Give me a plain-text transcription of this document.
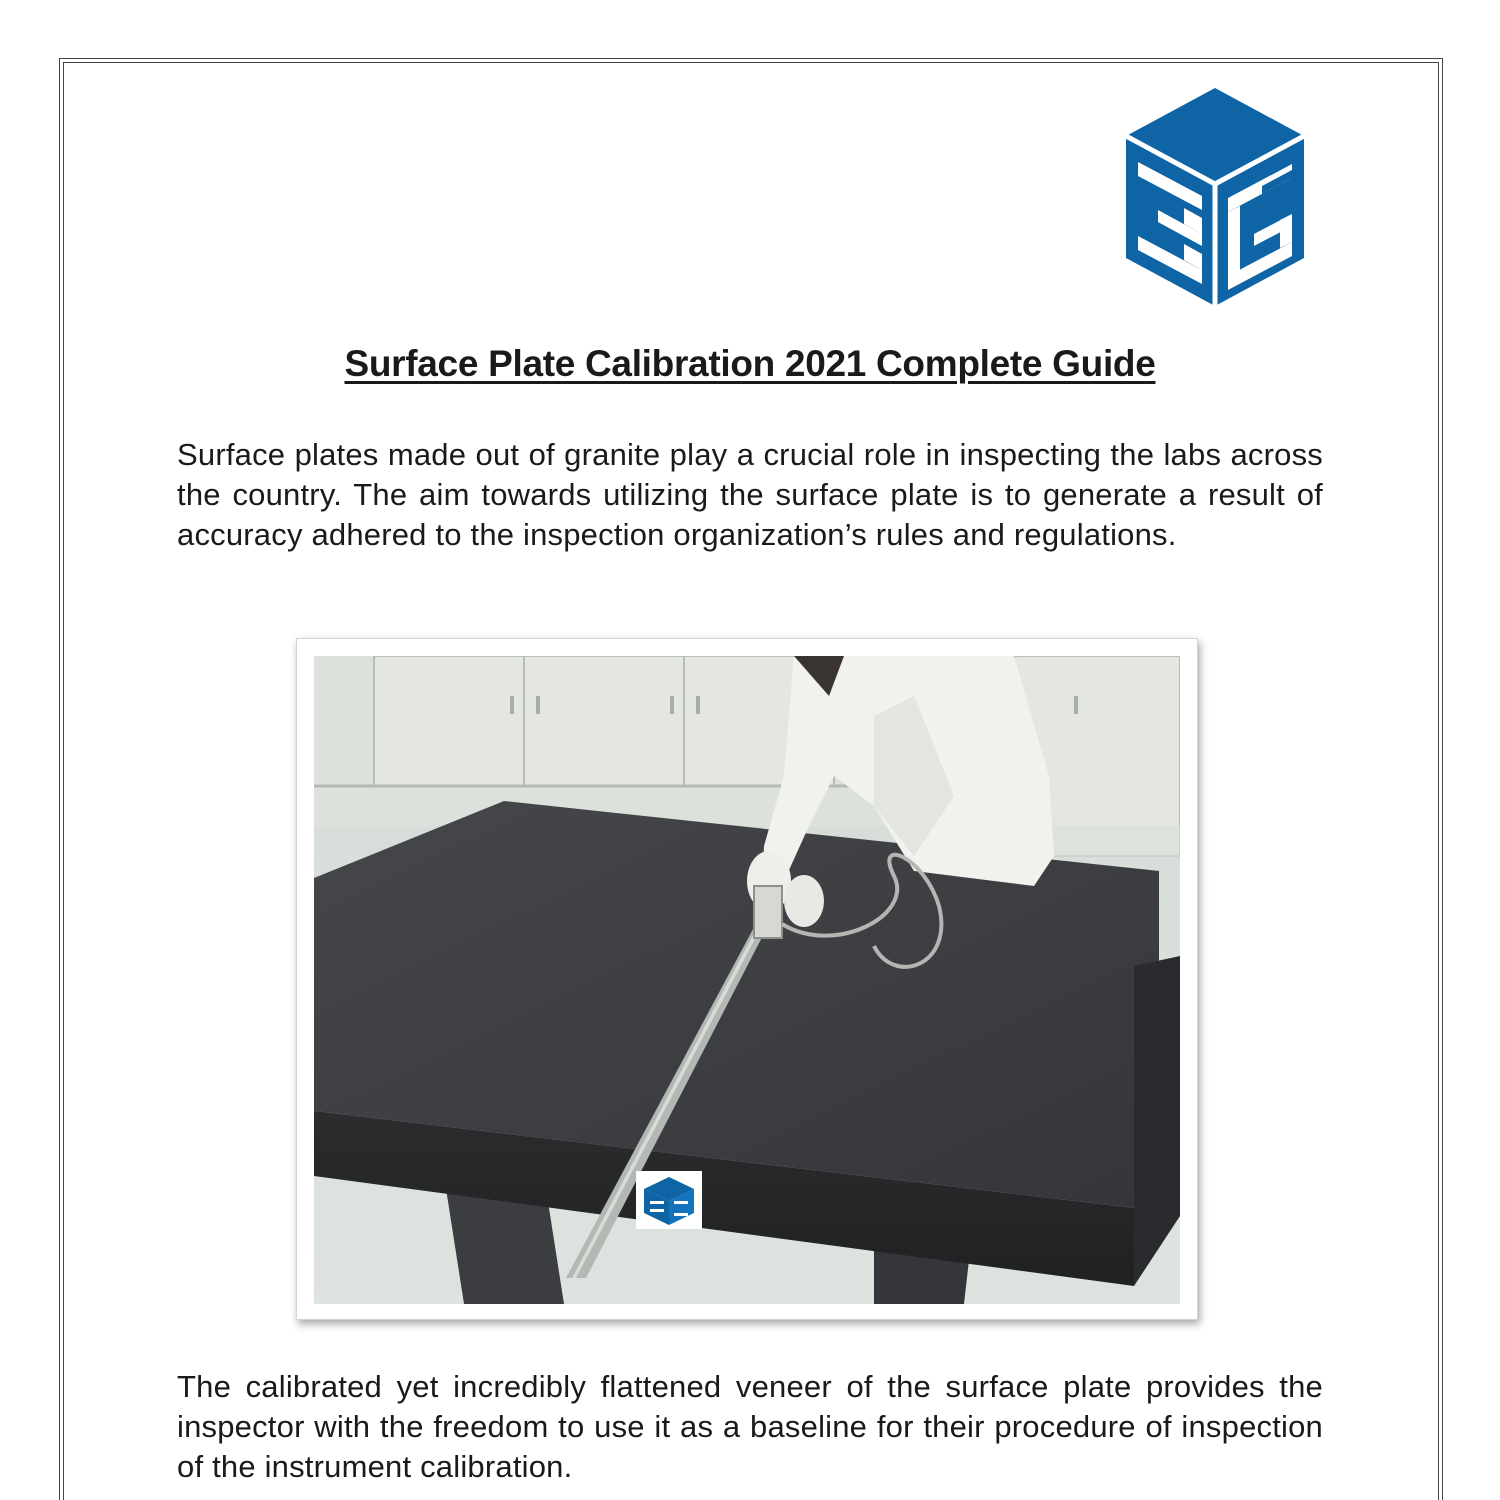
Surface Plate Calibration 2021 Complete Guide
Surface plates made out of granite play a crucial role in inspecting the labs across the country. The aim towards utilizing the surface plate is to generate a result of accuracy adhered to the inspection organization’s rules and regulations.
The calibrated yet incredibly flattened veneer of the surface plate provides the inspector with the freedom to use it as a baseline for their procedure of inspection of the instrument calibration.
